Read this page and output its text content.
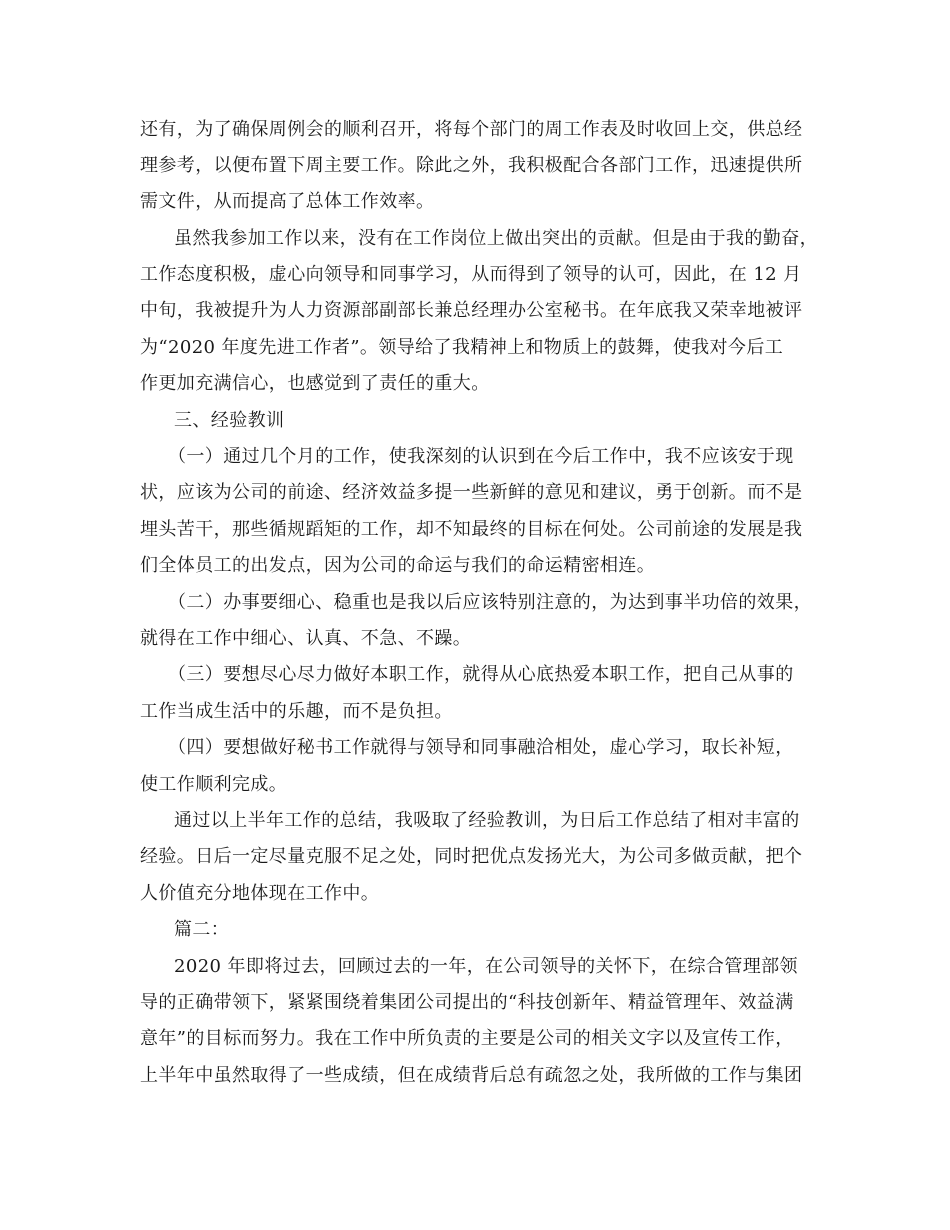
还有，为了确保周例会的顺利召开，将每个部门的周工作表及时收回上交，供总经
理参考，以便布置下周主要工作。除此之外，我积极配合各部门工作，迅速提供所
需文件，从而提高了总体工作效率。
虽然我参加工作以来，没有在工作岗位上做出突出的贡献。但是由于我的勤奋，
工作态度积极，虚心向领导和同事学习，从而得到了领导的认可，因此，在 12 月
中旬，我被提升为人力资源部副部长兼总经理办公室秘书。在年底我又荣幸地被评
为“2020 年度先进工作者”。领导给了我精神上和物质上的鼓舞，使我对今后工
作更加充满信心，也感觉到了责任的重大。
三、经验教训
（一）通过几个月的工作，使我深刻的认识到在今后工作中，我不应该安于现
状，应该为公司的前途、经济效益多提一些新鲜的意见和建议，勇于创新。而不是
埋头苦干，那些循规蹈矩的工作，却不知最终的目标在何处。公司前途的发展是我
们全体员工的出发点，因为公司的命运与我们的命运精密相连。
（二）办事要细心、稳重也是我以后应该特别注意的，为达到事半功倍的效果，
就得在工作中细心、认真、不急、不躁。
（三）要想尽心尽力做好本职工作，就得从心底热爱本职工作，把自己从事的
工作当成生活中的乐趣，而不是负担。
（四）要想做好秘书工作就得与领导和同事融洽相处，虚心学习，取长补短，
使工作顺利完成。
通过以上半年工作的总结，我吸取了经验教训，为日后工作总结了相对丰富的
经验。日后一定尽量克服不足之处，同时把优点发扬光大，为公司多做贡献，把个
人价值充分地体现在工作中。
篇二：
2020 年即将过去，回顾过去的一年，在公司领导的关怀下，在综合管理部领
导的正确带领下，紧紧围绕着集团公司提出的“科技创新年、精益管理年、效益满
意年”的目标而努力。我在工作中所负责的主要是公司的相关文字以及宣传工作，
上半年中虽然取得了一些成绩，但在成绩背后总有疏忽之处，我所做的工作与集团
